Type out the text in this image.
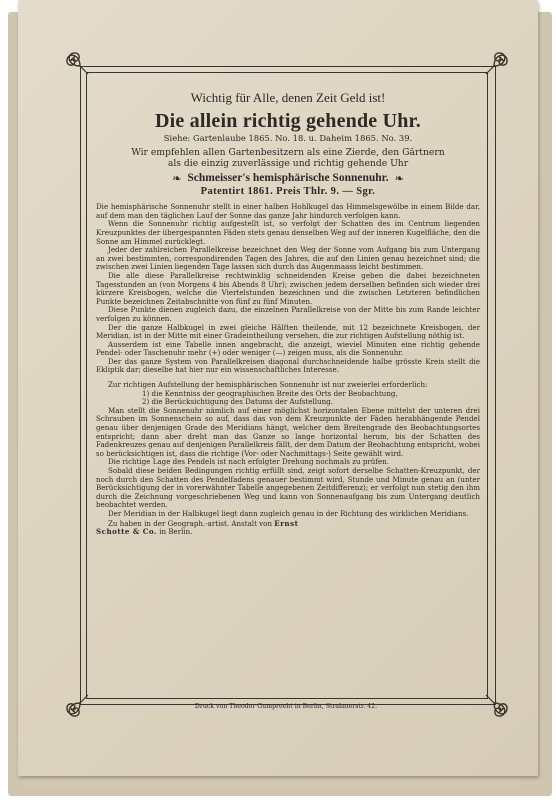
Wichtig für Alle, denen Zeit Geld ist!
Die allein richtig gehende Uhr.
Siehe: Gartenlaube 1865. No. 18. u. Daheim 1865. No. 39.
Wir empfehlen allen Gartenbesitzern als eine Zierde, den Gärtnern
als die einzig zuverlässige und richtig gehende Uhr
❧ Schmeisser's hemisphärische Sonnenuhr. ❧
Patentirt 1861. Preis Thlr. 9. — Sgr.

Die hemisphärische Sonnenuhr stellt in einer halben Hohlkugel das Himmelsgewölbe in einem Bilde dar, auf dem man den täglichen Lauf der Sonne das ganze Jahr hindurch verfolgen kann.

Wenn die Sonnenuhr richtig aufgestellt ist, so verfolgt der Schatten des im Centrum liegenden Kreuzpunktes der übergespannten Fäden stets genau denselben Weg auf der inneren Kugelfläche, den die Sonne am Himmel zurücklegt.

Jeder der zahlreichen Parallelkreise bezeichnet den Weg der Sonne vom Aufgang bis zum Untergang an zwei bestimmten, correspondirenden Tagen des Jahres, die auf den Linien genau bezeichnet sind; die zwischen zwei Linien liegenden Tage lassen sich durch das Augenmaass leicht bestimmen.

Die alle diese Parallelkreise rechtwinklig schneidenden Kreise geben die dabei bezeichneten Tagesstunden an (von Morgens 4 bis Abends 8 Uhr); zwischen jedem derselben befinden sich wieder drei kürzere Kreisbogen, welche die Viertelstunden bezeichnen und die zwischen Letzteren befindlichen Punkte bezeichnen Zeitabschnitte von fünf zu fünf Minuten.

Diese Punkte dienen zugleich dazu, die einzelnen Parallelkreise von der Mitte bis zum Rande leichter verfolgen zu können.

Der die ganze Halbkugel in zwei gleiche Hälften theilende, mit 12 bezeichnete Kreisbogen, der Meridian, ist in der Mitte mit einer Gradeintheilung versehen, die zur richtigen Aufstellung nöthig ist.

Ausserdem ist eine Tabelle innen angebracht, die anzeigt, wieviel Minuten eine richtig gehende Pendel- oder Taschenuhr mehr (+) oder weniger (—) zeigen muss, als die Sonnenuhr.

Der das ganze System von Parallelkreisen diagonal durchschneidende halbe grösste Kreis stellt die Ekliptik dar; dieselbe hat hier nur ein wissenschaftliches Interesse.

Zur richtigen Aufstellung der hemisphärischen Sonnenuhr ist nur zweierlei erforderlich:

1) die Kenntniss der geographischen Breite des Orts der Beobachtung,

2) die Berücksichtigung des Datums der Aufstellung.

Man stellt die Sonnenuhr nämlich auf einer möglichst horizontalen Ebene mittelst der unteren drei Schrauben im Sonnenschein so auf, dass das von dem Kreuzpunkte der Fäden herabhängende Pendel genau über denjenigen Grade des Meridians hängt, welcher dem Breitengrade des Beobachtungsortes entspricht; dann aber dreht man das Ganze so lange horizontal herum, bis der Schatten des Fadenkreuzes genau auf denjenigen Parallelkreis fällt, der dem Datum der Beobachtung entspricht, wobei so berücksichtigen ist, dass die richtige (Vor- oder Nachmittags-) Seite gewählt wird.

Die richtige Lage des Pendels ist nach erfolgter Drehung nochmals zu prüfen.

Sobald diese beiden Bedingungen richtig erfüllt sind, zeigt sofort derselbe Schatten-Kreuzpunkt, der noch durch den Schatten des Pendelfadens genauer bestimmt wird, Stunde und Minute genau an (unter Berücksichtigung der in vorerwähnter Tabelle angegebenen Zeitdifferenz); er verfolgt nun stetig den ihm durch die Zeichnung vorgeschriebenen Weg und kann von Sonnenaufgang bis zum Untergang deutlich beobachtet werden.

Der Meridian in der Halbkugel liegt dann zugleich genau in der Richtung des wirklichen Meridians.

Zu haben in der Geograph.-artist. Anstalt von Ernst
Schotte & Co. in Berlin.

Druck von Theodor Gumpreeht in Berlin, Stralauerstr. 42.
